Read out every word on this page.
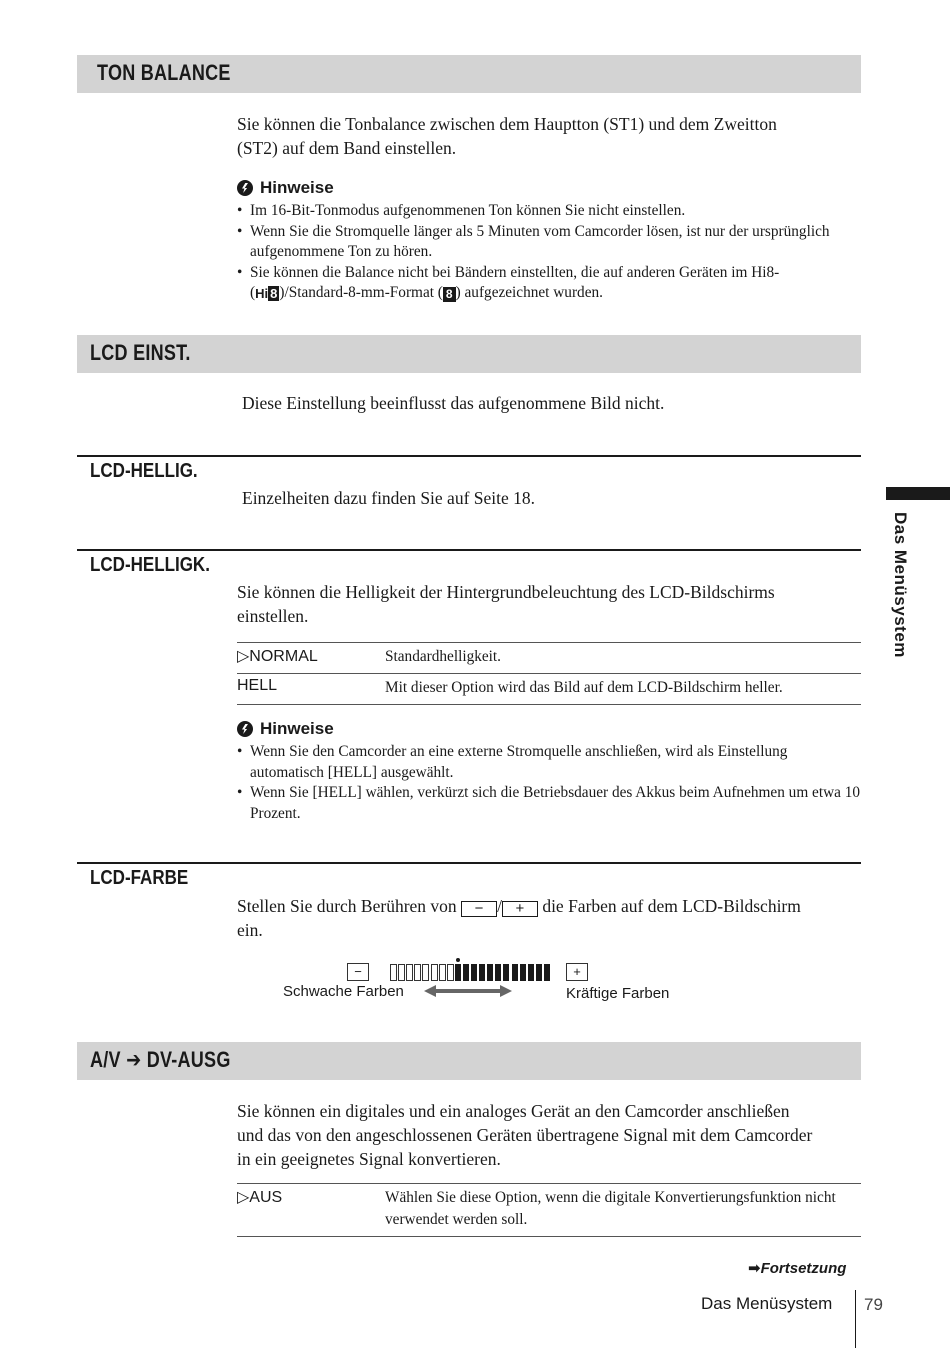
TON BALANCE
Sie können die Tonbalance zwischen dem Hauptton (ST1) und dem Zweitton
(ST2) auf dem Band einstellen.
Hinweise
• Im 16-Bit-Tonmodus aufgenommenen Ton können Sie nicht einstellen.
• Wenn Sie die Stromquelle länger als 5 Minuten vom Camcorder lösen, ist nur der ursprünglich aufgenommene Ton zu hören.
• Sie können die Balance nicht bei Bändern einstellten, die auf anderen Geräten im Hi8-
(Hi 8 )/Standard-8-mm-Format ( 8 ) aufgezeichnet wurden.
LCD EINST.
Diese Einstellung beeinflusst das aufgenommene Bild nicht.
LCD-HELLIG.
Einzelheiten dazu finden Sie auf Seite 18.
LCD-HELLIGK.
Sie können die Helligkeit der Hintergrundbeleuchtung des LCD-Bildschirms
einstellen.
▷NORMAL	Standardhelligkeit.
HELL	Mit dieser Option wird das Bild auf dem LCD-Bildschirm heller.
Hinweise
• Wenn Sie den Camcorder an eine externe Stromquelle anschließen, wird als Einstellung automatisch [HELL] ausgewählt.
• Wenn Sie [HELL] wählen, verkürzt sich die Betriebsdauer des Akkus beim Aufnehmen um etwa 10 Prozent.
LCD-FARBE
Stellen Sie durch Berühren von − / + die Farben auf dem LCD-Bildschirm
ein.
−	+
Schwache Farben	Kräftige Farben
A/V ➔ DV-AUSG
Sie können ein digitales und ein analoges Gerät an den Camcorder anschließen
und das von den angeschlossenen Geräten übertragene Signal mit dem Camcorder
in ein geeignetes Signal konvertieren.
▷AUS	Wählen Sie diese Option, wenn die digitale Konvertierungsfunktion nicht verwendet werden soll.
Das Menüsystem
➡Fortsetzung
Das Menüsystem 79
